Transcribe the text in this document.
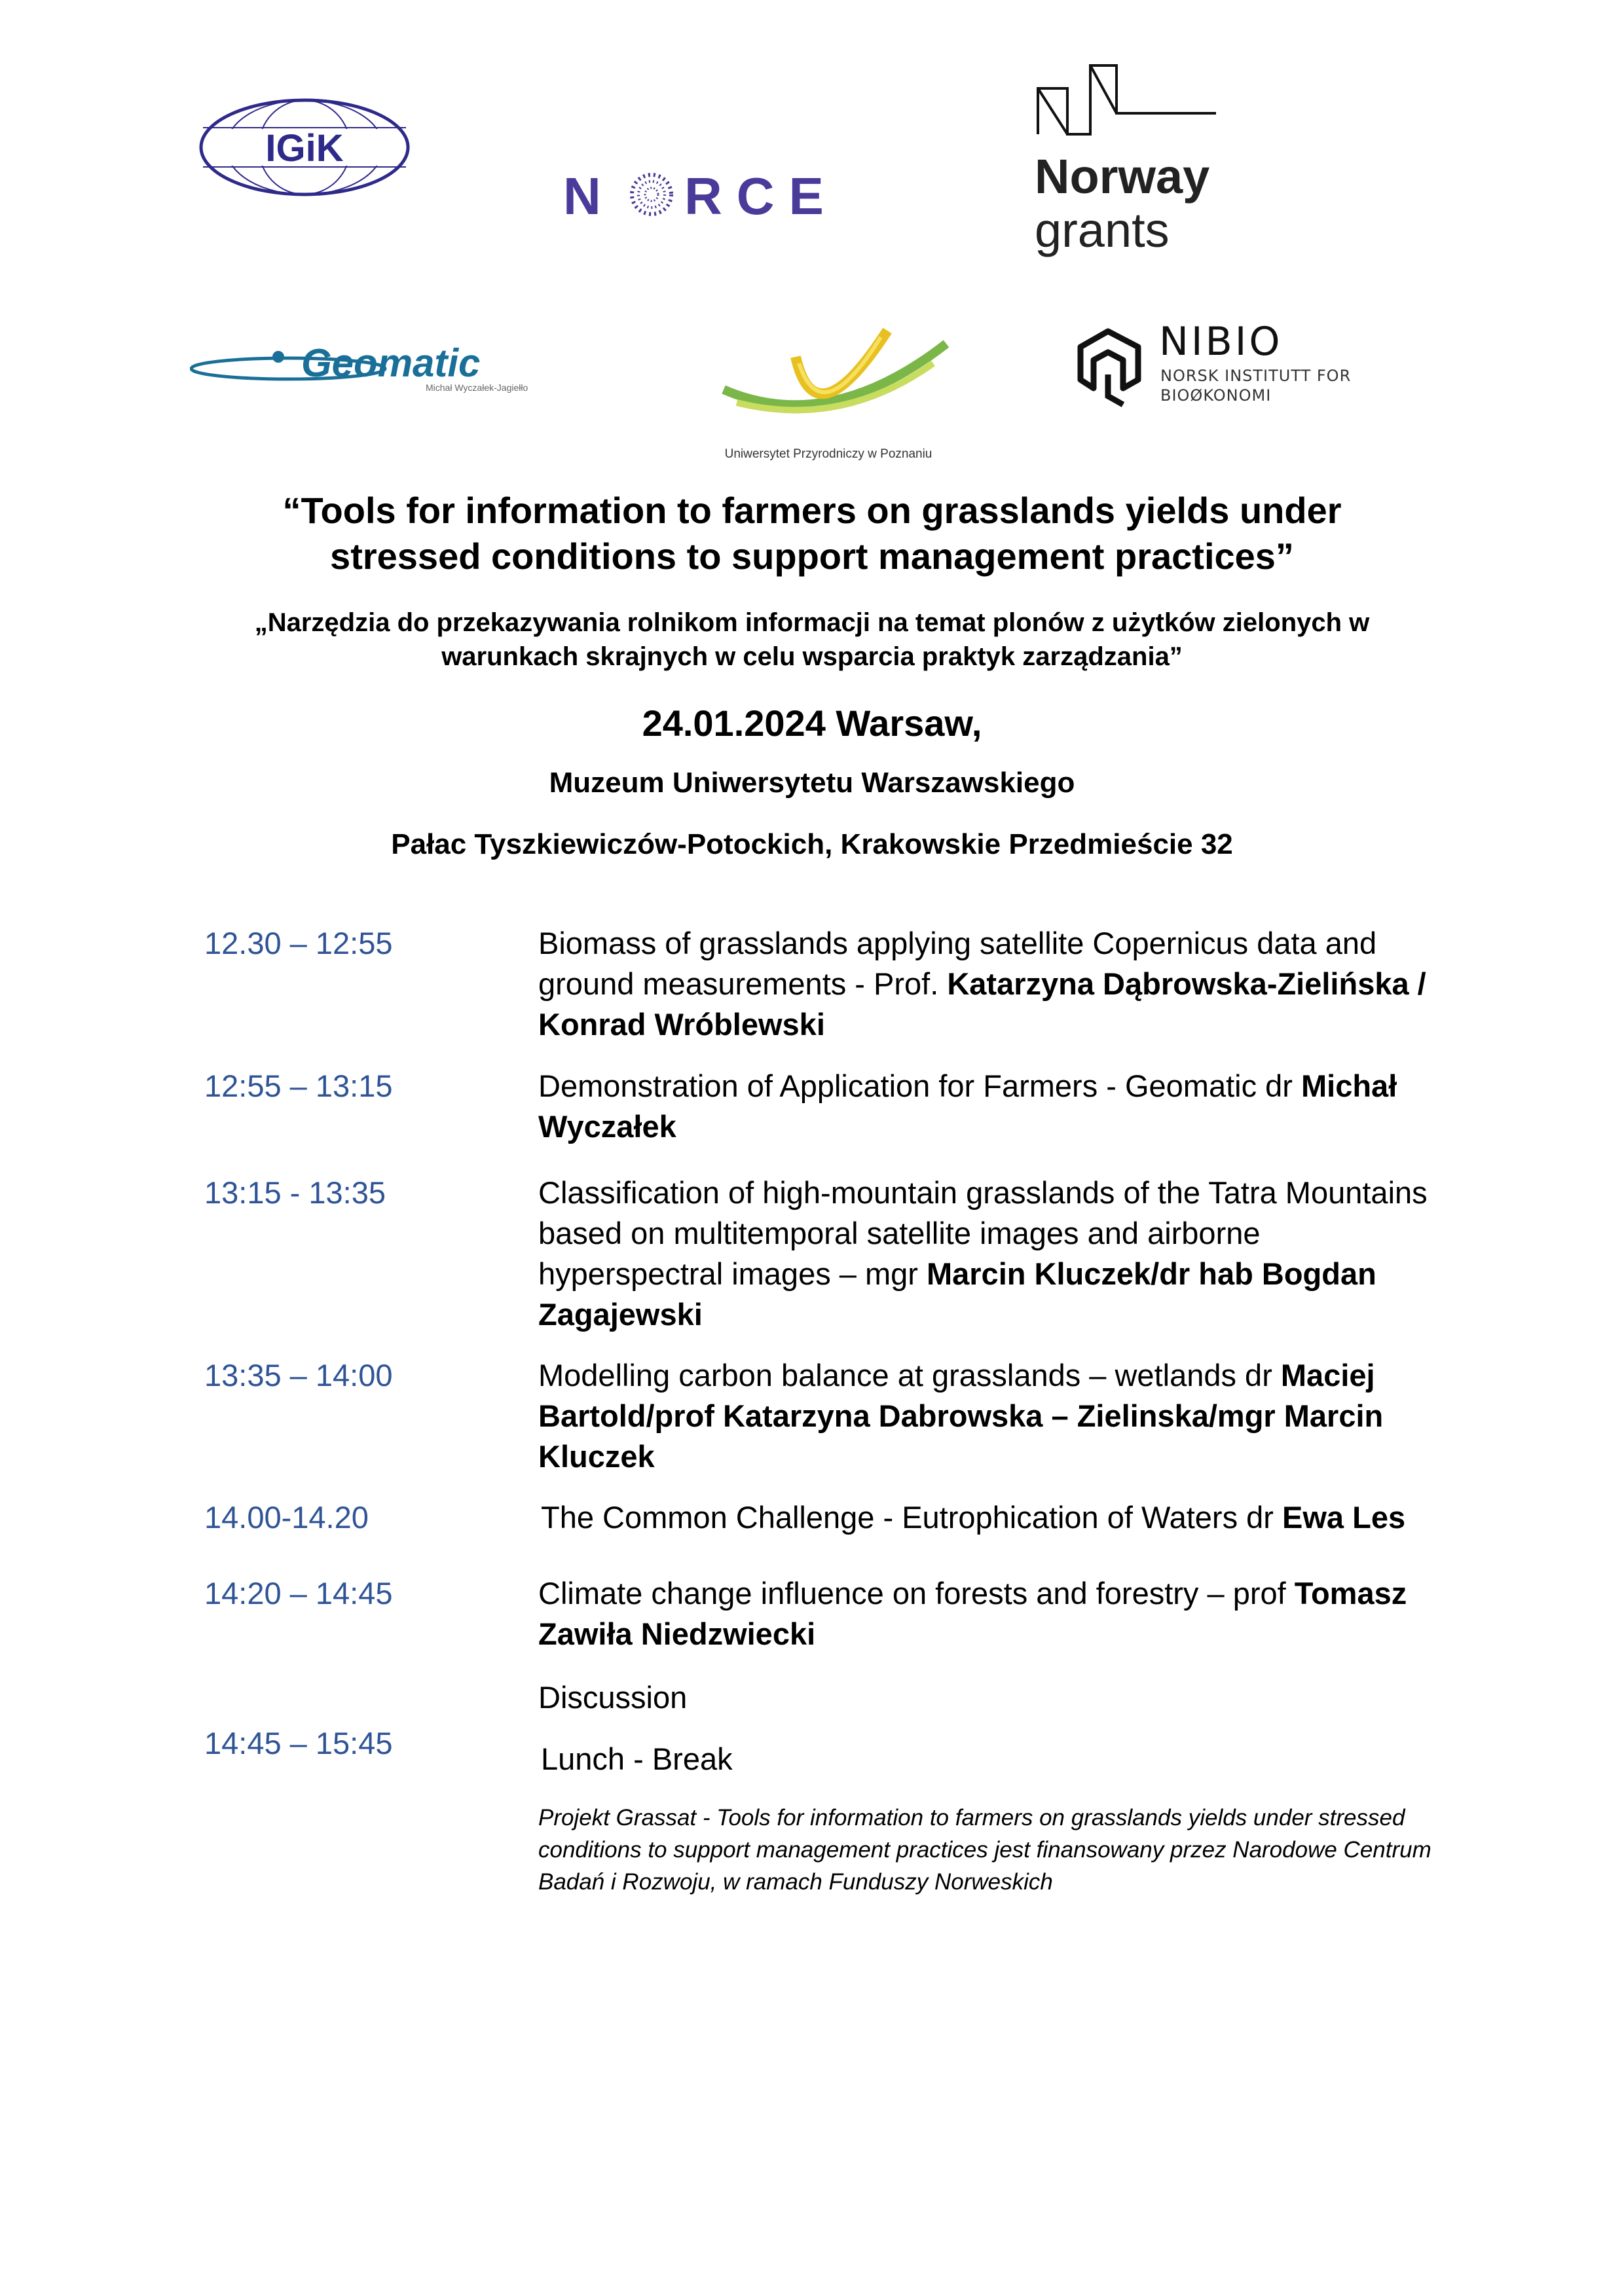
IGiK
N RCE	Norway
grants
Geomatic
Michał Wyczałek-Jagiełło
Uniwersytet Przyrodniczy w Poznaniu
NIBIO
NORSK INSTITUTT FOR
BIOØKONOMI
“Tools for information to farmers on grasslands yields under
stressed conditions to support management practices”
„Narzędzia do przekazywania rolnikom informacji na temat plonów z użytków zielonych w
warunkach skrajnych w celu wsparcia praktyk zarządzania”
24.01.2024 Warsaw,
Muzeum Uniwersytetu Warszawskiego
Pałac Tyszkiewiczów-Potockich, Krakowskie Przedmieście 32
12.30 – 12:55	Biomass of grasslands applying satellite Copernicus data and
ground measurements - Prof. Katarzyna Dąbrowska-Zielińska /
Konrad Wróblewski
12:55 – 13:15	Demonstration of Application for Farmers - Geomatic dr Michał
Wyczałek
13:15 - 13:35	Classification of high-mountain grasslands of the Tatra Mountains
based on multitemporal satellite images and airborne
hyperspectral images – mgr Marcin Kluczek/dr hab Bogdan
Zagajewski
13:35 – 14:00	Modelling carbon balance at grasslands – wetlands dr Maciej
Bartold/prof Katarzyna Dabrowska – Zielinska/mgr Marcin
Kluczek
14.00-14.20	The Common Challenge - Eutrophication of Waters dr Ewa Les
14:20 – 14:45	Climate change influence on forests and forestry – prof Tomasz
Zawiła Niedzwiecki
Discussion
14:45 – 15:45	Lunch - Break
Projekt Grassat - Tools for information to farmers on grasslands yields under stressed conditions to support management practices jest finansowany przez Narodowe Centrum Badań i Rozwoju, w ramach Funduszy Norweskich
